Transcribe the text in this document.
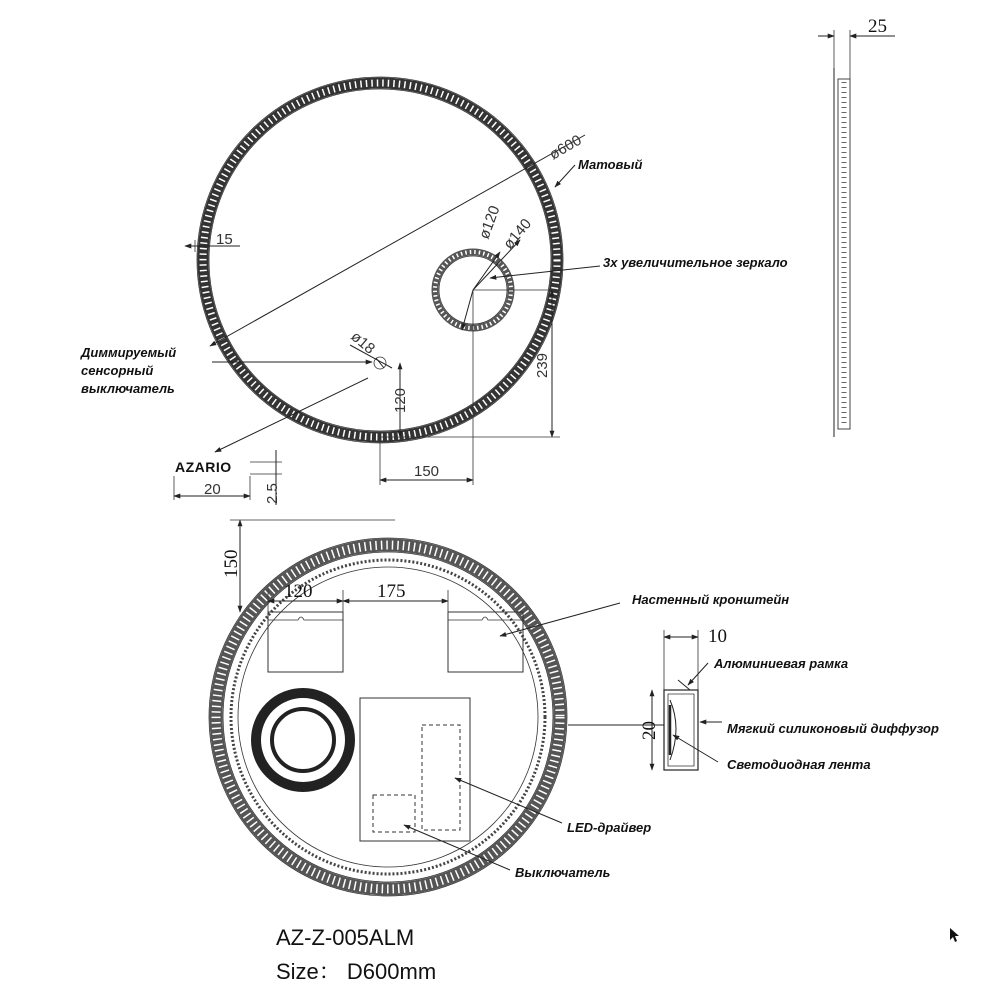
ø600
15	ø120
ø140
Матовый
3х увеличительное зеркало
ø18
Диммируемый
сенсорный
выключатель	120
239
150
AZARIO
2.5
20
25
150
120	175	Настенный кронштейн
LED-драйвер
Выключатель
10
20
Алюминиевая рамка
Мягкий силиконовый диффузор
Светодиодная лента
AZ-Z-005ALM
Size： D600mm
